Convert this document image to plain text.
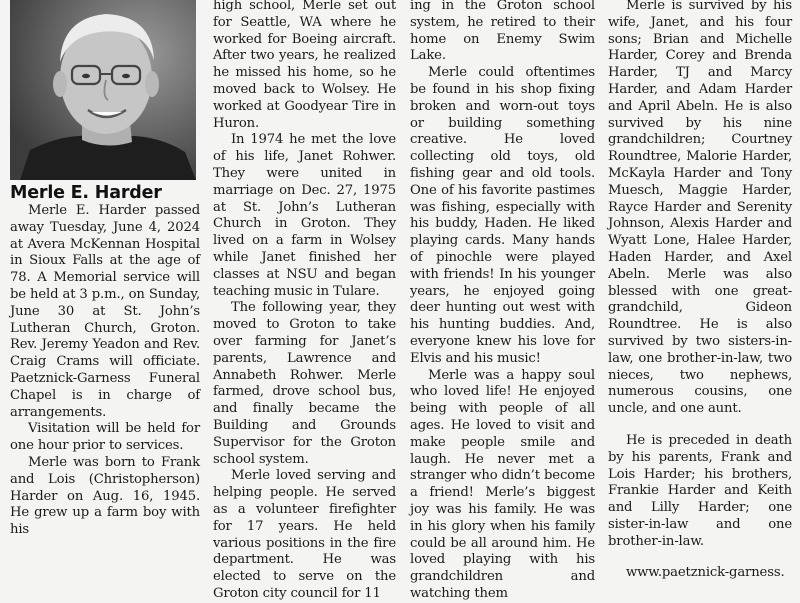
Merle E. Harder

Merle E. Harder passed away Tuesday, June 4, 2024 at Avera McKennan Hospital in Sioux Falls at the age of 78. A Memorial service will be held at 3 p.m., on Sunday, June 30 at St. John’s Lutheran Church, Groton. Rev. Jeremy Yeadon and Rev. Craig Crams will officiate. Paetznick-Garness Funeral Chapel is in charge of arrangements.

Visitation will be held for one hour prior to services.

Merle was born to Frank and Lois (Christopherson) Harder on Aug. 16, 1945. He grew up a farm boy with his

high school, Merle set out for Seattle, WA where he worked for Boeing aircraft. After two years, he realized he missed his home, so he moved back to Wolsey. He worked at Goodyear Tire in Huron.

In 1974 he met the love of his life, Janet Rohwer. They were united in marriage on Dec. 27, 1975 at St. John’s Lutheran Church in Groton. They lived on a farm in Wolsey while Janet finished her classes at NSU and began teaching music in Tulare.

The following year, they moved to Groton to take over farming for Janet’s parents, Lawrence and Annabeth Rohwer. Merle farmed, drove school bus, and finally became the Building and Grounds Supervisor for the Groton school system.

Merle loved serving and helping people. He served as a volunteer firefighter for 17 years. He held various positions in the fire department. He was elected to serve on the Groton city council for 11

ing in the Groton school system, he retired to their home on Enemy Swim Lake.

Merle could oftentimes be found in his shop fixing broken and worn-out toys or building something creative. He loved collecting old toys, old fishing gear and old tools. One of his favorite pastimes was fishing, especially with his buddy, Haden. He liked playing cards. Many hands of pinochle were played with friends! In his younger years, he enjoyed going deer hunting out west with his hunting buddies. And, everyone knew his love for Elvis and his music!

Merle was a happy soul who loved life! He enjoyed being with people of all ages. He loved to visit and make people smile and laugh. He never met a stranger who didn’t become a friend! Merle’s biggest joy was his family. He was in his glory when his family could be all around him. He loved playing with his grandchildren and watching them

Merle is survived by his wife, Janet, and his four sons; Brian and Michelle Harder, Corey and Brenda Harder, TJ and Marcy Harder, and Adam Harder and April Abeln. He is also survived by his nine grandchildren; Courtney Roundtree, Malorie Harder, McKayla Harder and Tony Muesch, Maggie Harder, Rayce Harder and Serenity Johnson, Alexis Harder and Wyatt Lone, Halee Harder, Haden Harder, and Axel Abeln. Merle was also blessed with one great-grandchild, Gideon Roundtree. He is also survived by two sisters-in-law, one brother-in-law, two nieces, two nephews, numerous cousins, one uncle, and one aunt.

He is preceded in death by his parents, Frank and Lois Harder; his brothers, Frankie Harder and Keith and Lilly Harder; one sister-in-law and one brother-in-law.

www.paetznick-garness.
